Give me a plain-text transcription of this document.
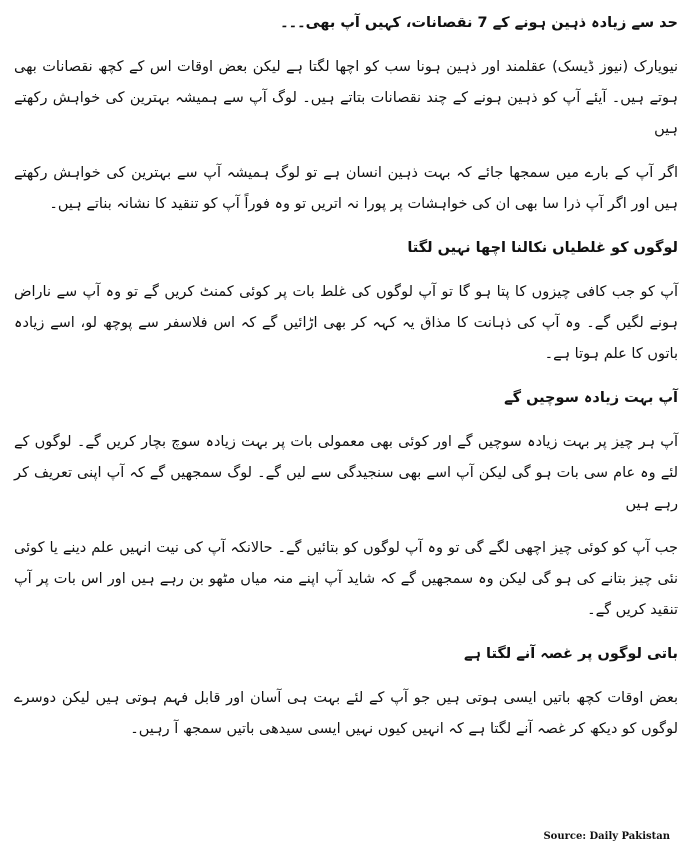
حد سے زیادہ ذہین ہونے کے 7 نقصانات، کہیں آپ بھی۔۔۔
نیویارک (نیوز ڈیسک) عقلمند اور ذہین ہونا سب کو اچھا لگتا ہے لیکن بعض اوقات اس کے کچھ نقصانات بھی ہوتے ہیں۔ آیئے آپ کو ذہین ہونے کے چند نقصانات بتاتے ہیں۔ لوگ آپ سے ہمیشہ بہترین کی خواہش رکھتے ہیں
اگر آپ کے بارے میں سمجھا جائے کہ بہت ذہین انسان ہے تو لوگ ہمیشہ آپ سے بہترین کی خواہش رکھتے ہیں اور اگر آپ ذرا سا بھی ان کی خواہشات پر پورا نہ اتریں تو وہ فوراً آپ کو تنقید کا نشانہ بناتے ہیں۔
لوگوں کو غلطیاں نکالنا اچھا نہیں لگتا
آپ کو جب کافی چیزوں کا پتا ہو گا تو آپ لوگوں کی غلط بات پر کوئی کمنٹ کریں گے تو وہ آپ سے ناراض ہونے لگیں گے۔ وہ آپ کی ذہانت کا مذاق یہ کہہ کر بھی اڑائیں گے کہ اس فلاسفر سے پوچھ لو، اسے زیادہ باتوں کا علم ہوتا ہے۔
آپ بہت زیادہ سوچیں گے
آپ ہر چیز پر بہت زیادہ سوچیں گے اور کوئی بھی معمولی بات پر بہت زیادہ سوچ بچار کریں گے۔ لوگوں کے لئے وہ عام سی بات ہو گی لیکن آپ اسے بھی سنجیدگی سے لیں گے۔ لوگ سمجھیں گے کہ آپ اپنی تعریف کر رہے ہیں
جب آپ کو کوئی چیز اچھی لگے گی تو وہ آپ لوگوں کو بتائیں گے۔ حالانکہ آپ کی نیت انہیں علم دینے یا کوئی نئی چیز بتانے کی ہو گی لیکن وہ سمجھیں گے کہ شاید آپ اپنے منہ میاں مٹھو بن رہے ہیں اور اس بات پر آپ تنقید کریں گے۔
باتی لوگوں پر غصہ آنے لگتا ہے
بعض اوقات کچھ باتیں ایسی ہوتی ہیں جو آپ کے لئے بہت ہی آسان اور قابل فہم ہوتی ہیں لیکن دوسرے لوگوں کو دیکھ کر غصہ آنے لگتا ہے کہ انہیں کیوں نہیں ایسی سیدھی باتیں سمجھ آ رہیں۔
Source: Daily Pakistan
